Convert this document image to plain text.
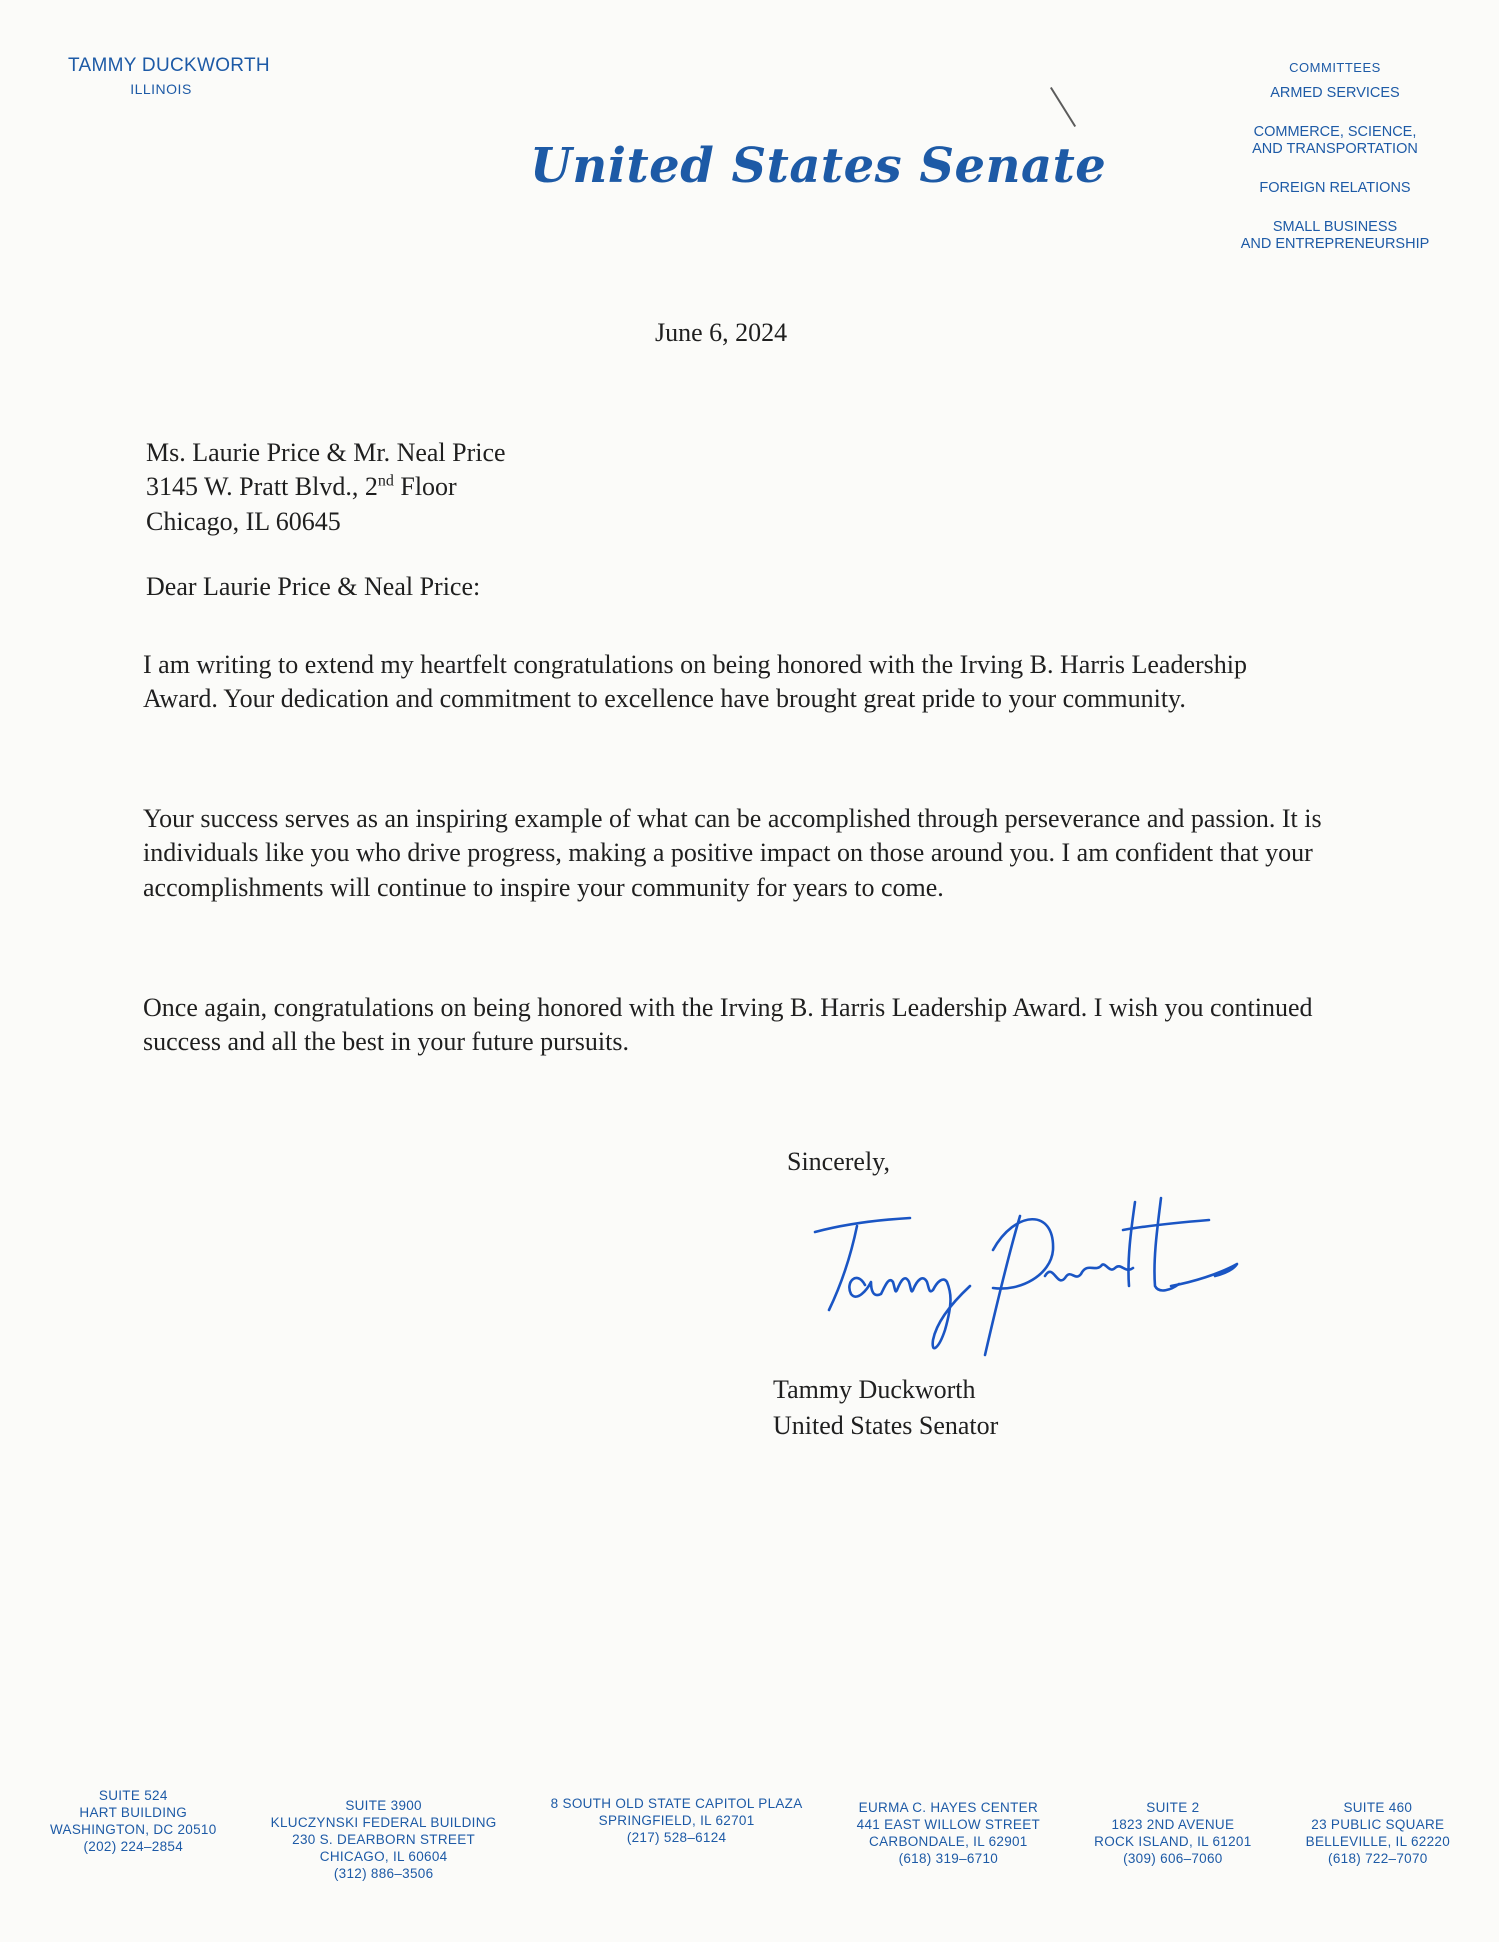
TAMMY DUCKWORTH
ILLINOIS
United States Senate
COMMITTEES
ARMED SERVICES
COMMERCE, SCIENCE,
AND TRANSPORTATION
FOREIGN RELATIONS
SMALL BUSINESS
AND ENTREPRENEURSHIP
June 6, 2024
Ms. Laurie Price & Mr. Neal Price
3145 W. Pratt Blvd., 2nd Floor
Chicago, IL 60645
Dear Laurie Price & Neal Price:

I am writing to extend my heartfelt congratulations on being honored with the Irving B. Harris Leadership Award. Your dedication and commitment to excellence have brought great pride to your community.

Your success serves as an inspiring example of what can be accomplished through perseverance and passion. It is individuals like you who drive progress, making a positive impact on those around you. I am confident that your accomplishments will continue to inspire your community for years to come.

Once again, congratulations on being honored with the Irving B. Harris Leadership Award. I wish you continued success and all the best in your future pursuits.

Sincerely,
Tammy Duckworth
United States Senator
SUITE 524
HART BUILDING
WASHINGTON, DC 20510
(202) 224–2854
SUITE 3900
KLUCZYNSKI FEDERAL BUILDING
230 S. DEARBORN STREET
CHICAGO, IL 60604
(312) 886–3506
8 SOUTH OLD STATE CAPITOL PLAZA
SPRINGFIELD, IL 62701
(217) 528–6124
EURMA C. HAYES CENTER
441 EAST WILLOW STREET
CARBONDALE, IL 62901
(618) 319–6710
SUITE 2
1823 2ND AVENUE
ROCK ISLAND, IL 61201
(309) 606–7060
SUITE 460
23 PUBLIC SQUARE
BELLEVILLE, IL 62220
(618) 722–7070
